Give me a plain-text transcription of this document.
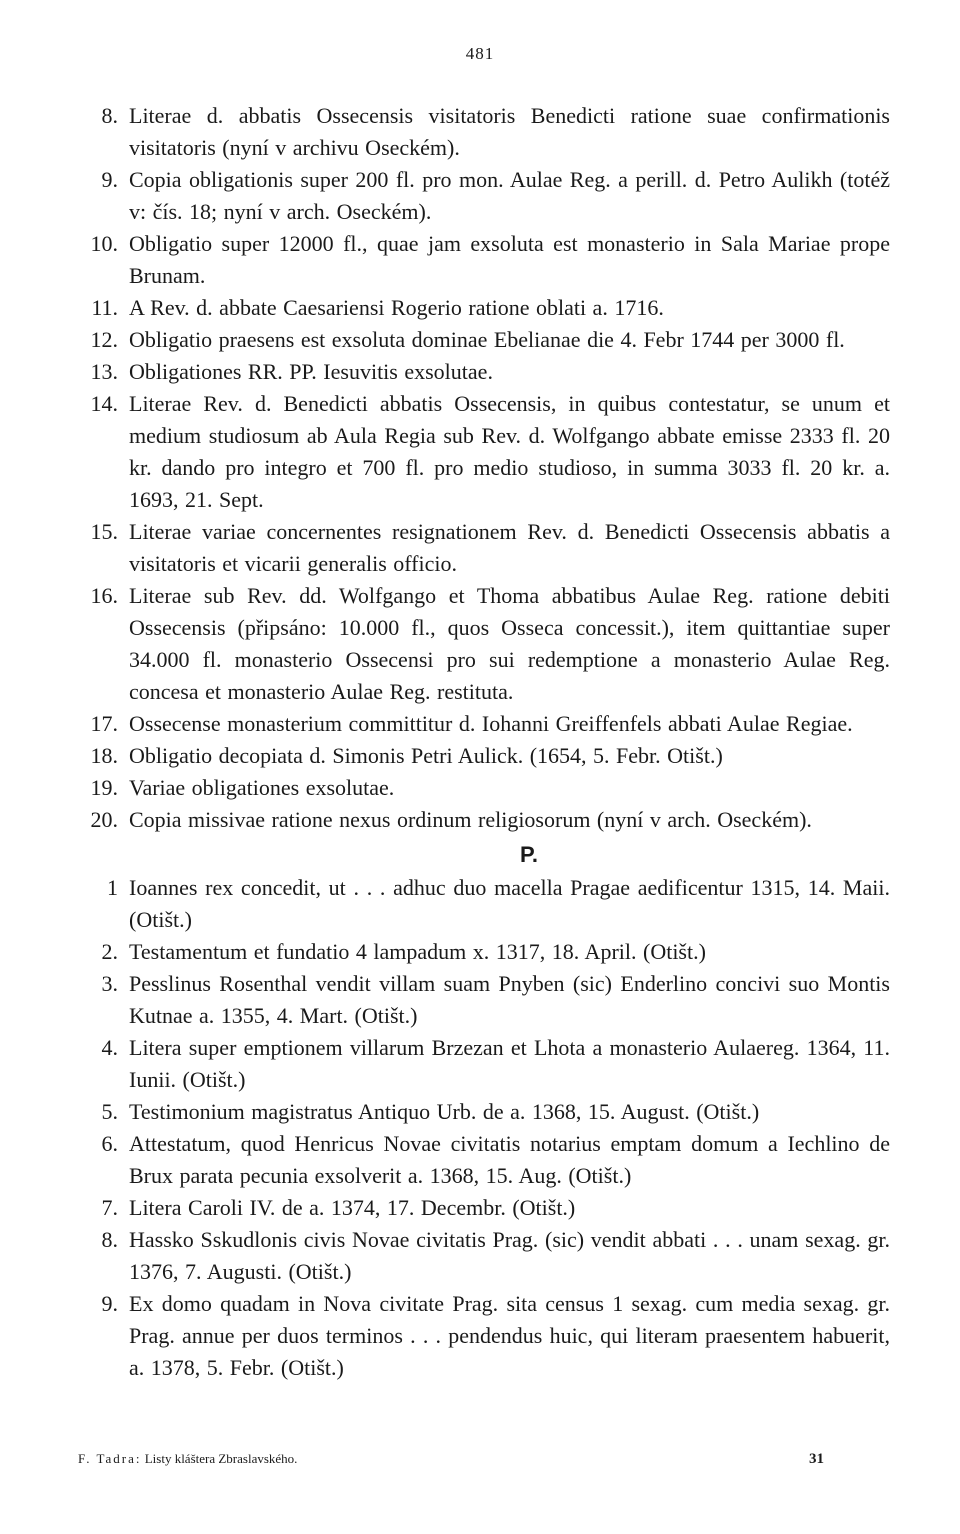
481
8. Literae d. abbatis Ossecensis visitatoris Benedicti ratione suae confirmationis visitatoris (nyní v archivu Oseckém).
9. Copia obligationis super 200 fl. pro mon. Aulae Reg. a perill. d. Petro Aulikh (totéž v: čís. 18; nyní v arch. Oseckém).
10. Obligatio super 12000 fl., quae jam exsoluta est monasterio in Sala Mariae prope Brunam.
11. A Rev. d. abbate Caesariensi Rogerio ratione oblati a. 1716.
12. Obligatio praesens est exsoluta dominae Ebelianae die 4. Febr 1744 per 3000 fl.
13. Obligationes RR. PP. Iesuvitis exsolutae.
14. Literae Rev. d. Benedicti abbatis Ossecensis, in quibus contestatur, se unum et medium studiosum ab Aula Regia sub Rev. d. Wolfgango abbate emisse 2333 fl. 20 kr. dando pro integro et 700 fl. pro medio studioso, in summa 3033 fl. 20 kr. a. 1693, 21. Sept.
15. Literae variae concernentes resignationem Rev. d. Benedicti Ossecensis abbatis a visitatoris et vicarii generalis officio.
16. Literae sub Rev. dd. Wolfgango et Thoma abbatibus Aulae Reg. ratione debiti Ossecensis (připsáno: 10.000 fl., quos Osseca concessit.), item quittantiae super 34.000 fl. monasterio Ossecensi pro sui redemptione a monasterio Aulae Reg. concesa et monasterio Aulae Reg. restituta.
17. Ossecense monasterium committitur d. Iohanni Greiffenfels abbati Aulae Regiae.
18. Obligatio decopiata d. Simonis Petri Aulick. (1654, 5. Febr. Otišt.)
19. Variae obligationes exsolutae.
20. Copia missivae ratione nexus ordinum religiosorum (nyní v arch. Oseckém).
P.
1 Ioannes rex concedit, ut . . . adhuc duo macella Pragae aedificentur 1315, 14. Maii. (Otišt.)
2. Testamentum et fundatio 4 lampadum x. 1317, 18. April. (Otišt.)
3. Pesslinus Rosenthal vendit villam suam Pnyben (sic) Enderlino concivi suo Montis Kutnae a. 1355, 4. Mart. (Otišt.)
4. Litera super emptionem villarum Brzezan et Lhota a monasterio Aulaereg. 1364, 11. Iunii. (Otišt.)
5. Testimonium magistratus Antiquo Urb. de a. 1368, 15. August. (Otišt.)
6. Attestatum, quod Henricus Novae civitatis notarius emptam domum a Iechlino de Brux parata pecunia exsolverit a. 1368, 15. Aug. (Otišt.)
7. Litera Caroli IV. de a. 1374, 17. Decembr. (Otišt.)
8. Hassko Sskudlonis civis Novae civitatis Prag. (sic) vendit abbati . . . unam sexag. gr. 1376, 7. Augusti. (Otišt.)
9. Ex domo quadam in Nova civitate Prag. sita census 1 sexag. cum media sexag. gr. Prag. annue per duos terminos . . . pendendus huic, qui literam praesentem habuerit, a. 1378, 5. Febr. (Otišt.)
F. Tadra: Listy kláštera Zbraslavského.	31
